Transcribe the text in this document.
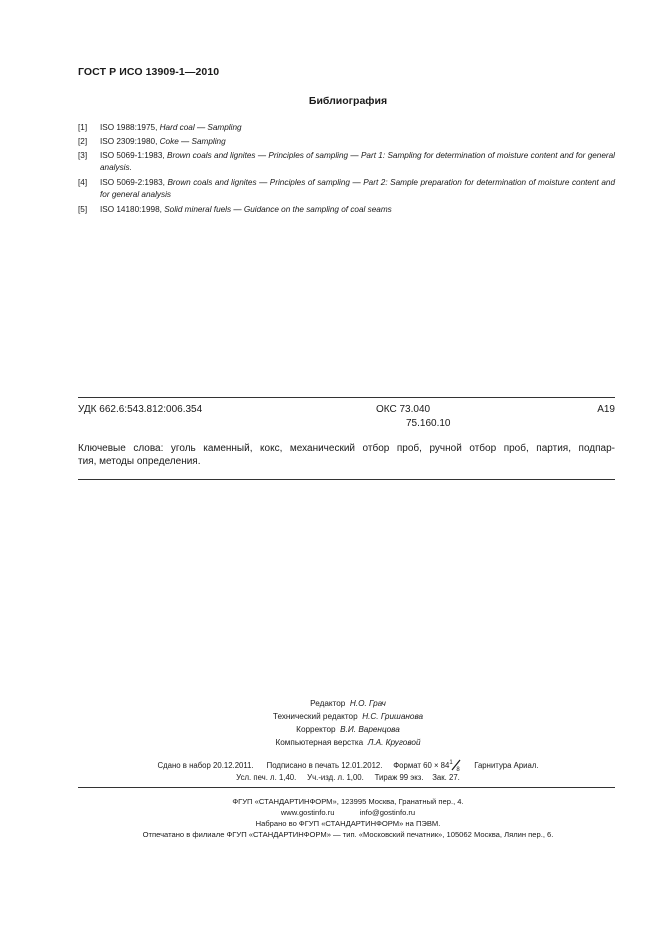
ГОСТ Р ИСО 13909-1—2010
Библиография
[1] ISO 1988:1975, Hard coal — Sampling
[2] ISO 2309:1980, Coke — Sampling
[3] ISO 5069-1:1983, Brown coals and lignites — Principles of sampling — Part 1: Sampling for determination of moisture content and for general analysis.
[4] ISO 5069-2:1983, Brown coals and lignites — Principles of sampling — Part 2: Sample preparation for determination of moisture content and for general analysis
[5] ISO 14180:1998, Solid mineral fuels — Guidance on the sampling of coal seams
УДК 662.6:543.812:006.354	ОКС 73.040
75.160.10
А19
Ключевые слова: уголь каменный, кокс, механический отбор проб, ручной отбор проб, партия, подпар-
тия, методы определения.
Редактор Н.О. Грач
Технический редактор Н.С. Гришанова
Корректор В.И. Варенцова
Компьютерная верстка Л.А. Круговой
Сдано в набор 20.12.2011. Подписано в печать 12.01.2012. Формат 60 × 84 1
8 Гарнитура Ариал.
Усл. печ. л. 1,40. Уч.-изд. л. 1,00. Тираж 99 экз. Зак. 27.
ФГУП «СТАНДАРТИНФОРМ», 123995 Москва, Гранатный пер., 4.
www.gostinfo.ru	info@gostinfo.ru
Набрано во ФГУП «СТАНДАРТИНФОРМ» на ПЭВМ.
Отпечатано в филиале ФГУП «СТАНДАРТИНФОРМ» — тип. «Московский печатник», 105062 Москва, Лялин пер., 6.
